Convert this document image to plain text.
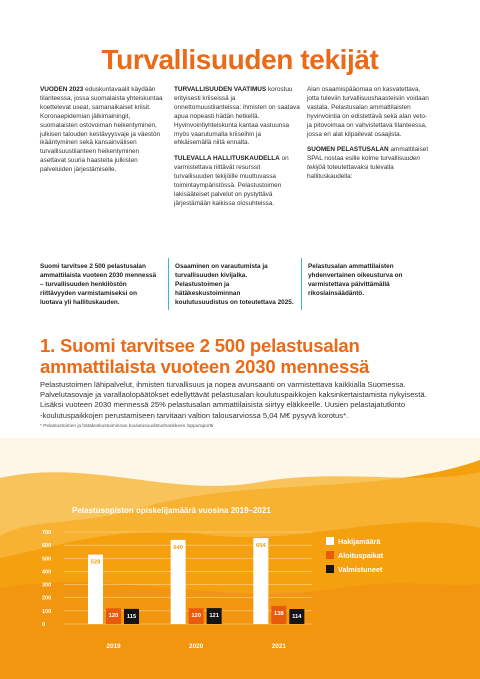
Turvallisuuden tekijät

VUODEN 2023 eduskuntavaalit käydään tilanteessa, jossa suomalaista yhteiskuntaa koettelevat useat, samanaikaiset kriisit. Koronaepidemian jälkimainingit, suomalaisten ostovoiman heikentyminen, julkisen talouden kestävyysvaje ja väestön ikääntyminen sekä kansainvälisen turvallisuustilanteen heikentyminen asettavat suuria haasteita julkisten palveluiden järjestämiselle.

TURVALLISUUDEN VAATIMUS korostuu erityisesti kriiseissä ja onnettomuustilanteissa: ihmisten on saatava apua nopeasti hädän hetkellä. Hyvinvointiyhteiskunta kantaa vastuunsa myös vaarutumalla kriiseihin ja ehkäisemällä niitä ennalta.

TULEVALLA HALLITUSKAUDELLA on varmistettava riittävät resurssit turvallisuuden tekijöille muuttuvassa toimintaympäristössä. Pelastustoimen lakisääteiset palvelut on pystyttävä järjestämään kaikissa olosuhteissa.

Alan osaamispääomaa on kasvatettava, jotta tuleviin turvallisuushaasteisiin voidaan vastata. Pelastusalan ammattilaisten hyvinvointia on edistettävä sekä alan veto- ja pitovoimaa on vahvistettava tilanteessa, jossa eri alat kilpailevat osaajista.

SUOMEN PELASTUSALAN ammattilaiset SPAL nostaa esille kolme turvallisuuden tekijöä toteutettavaksi tulevalla hallituskaudella:

Suomi tarvitsee 2 500 pelastusalan ammattilaista vuoteen 2030 mennessä – turvallisuuden henkilöstön riittävyyden varmistamiseksi on luotava yli hallituskauden.
Osaaminen on varautumista ja turvallisuuden kivijalka. Pelastustoimen ja hätäkeskustoiminnan koulutusuudistus on toteutettava 2025.
Pelastusalan ammattilaisten yhdenvertainen oikeusturva on varmistettava päivittämällä rikoslainsäädäntö.
1. Suomi tarvitsee 2 500 pelastusalan
ammattilaista vuoteen 2030 mennessä

Pelastustoimen lähipalvelut, ihmisten turvallisuus ja nopea avunsaanti on varmistettava kaikkialla Suomessa.
Palvelutasovaje ja varallaolopäätökset edellyttävät pelastusalan koulutuspaikkojen kaksinkertaistamista nykyisestä.
Lisäksi vuoteen 2030 mennessä 25% pelastusalan ammattilaisista siirtyy eläkkeelle. Uusien pelastajatutkinto
-koulutuspaikkojen perustamiseen tarvitaan valtion talousarviossa 5,04 M€ pysyvä korotus*.

* Pelastustoimen ja hätäkeskustoiminnan koulutusuudistushankkeen loppuraportti

Pelastusopiston opiskelijamäärä vuosina 2019–2021

0
100
200
300
400
500
600
700
528
120 115
640
120 121
654
138
114
2019	2020	2021
Hakijamäärä
Aloituspaikat
Valmistuneet
